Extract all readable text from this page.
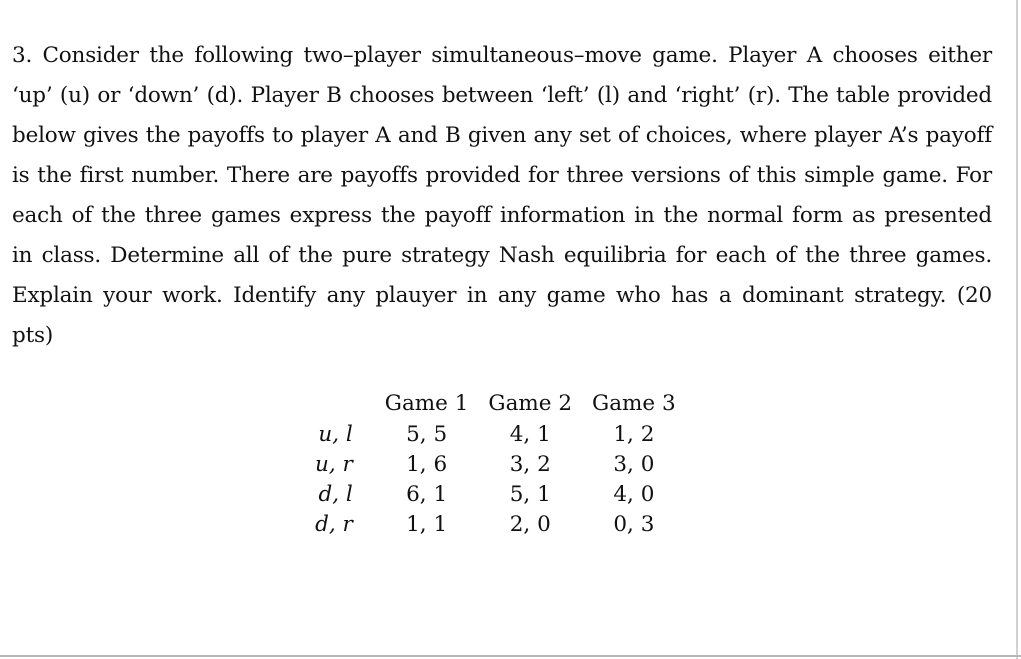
3. Consider the following two–player simultaneous–move game. Player A chooses either ‘up’ (u) or ‘down’ (d). Player B chooses between ‘left’ (l) and ‘right’ (r). The table provided below gives the payoffs to player A and B given any set of choices, where player A’s payoff is the first number. There are payoffs provided for three versions of this simple game. For each of the three games express the payoff information in the normal form as presented in class. Determine all of the pure strategy Nash equilibria for each of the three games. Explain your work. Identify any plauyer in any game who has a dominant strategy. (20 pts)

	Game 1	Game 2	Game 3
u, l	5, 5	4, 1	1, 2
u, r	1, 6	3, 2	3, 0
d, l	6, 1	5, 1	4, 0
d, r	1, 1	2, 0	0, 3
